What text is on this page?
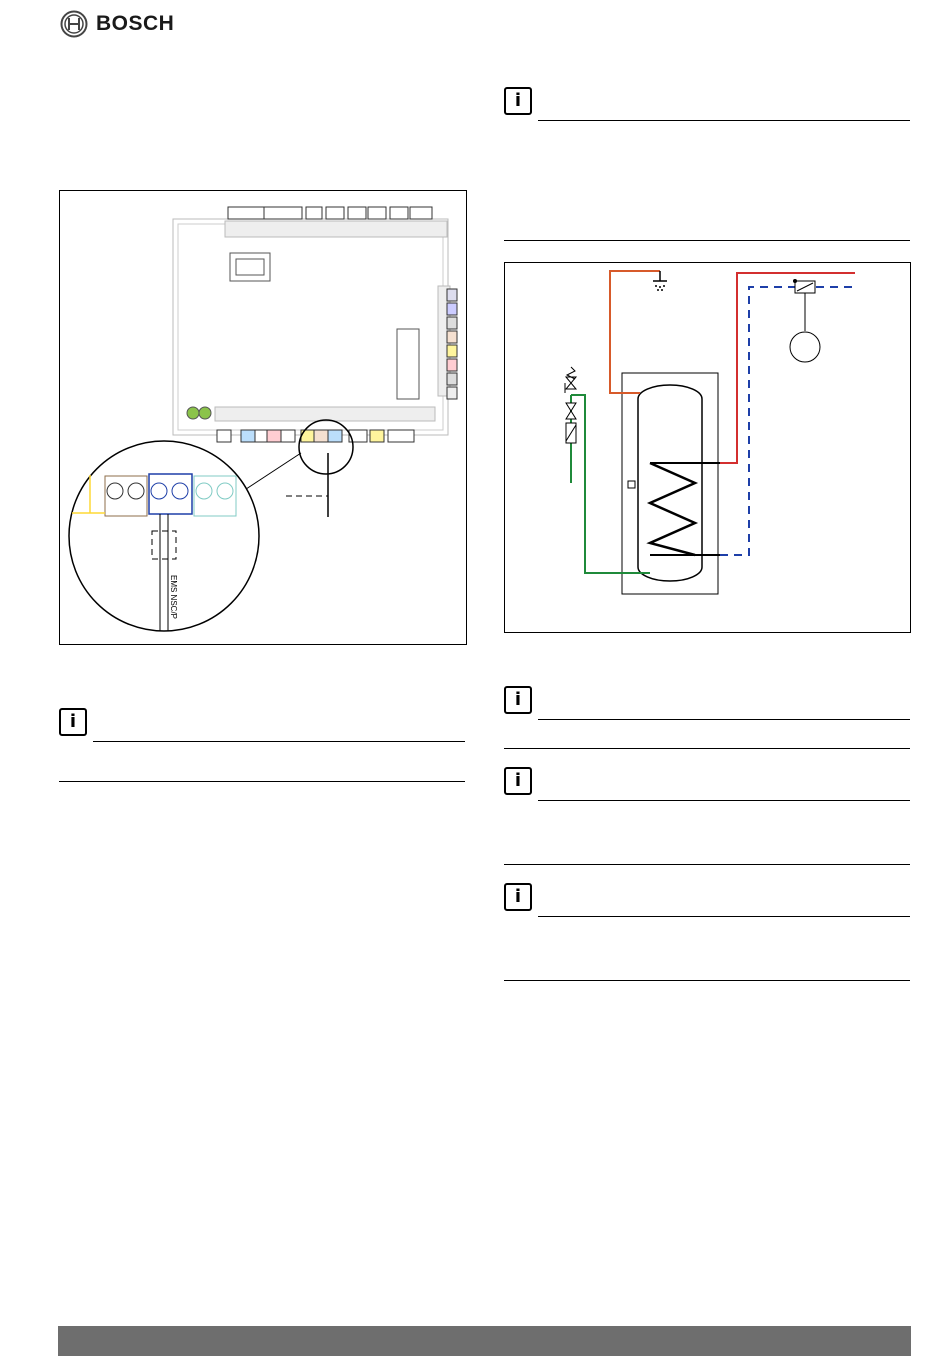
BOSCH
EMS NSC/P
i
i
i
i
i
